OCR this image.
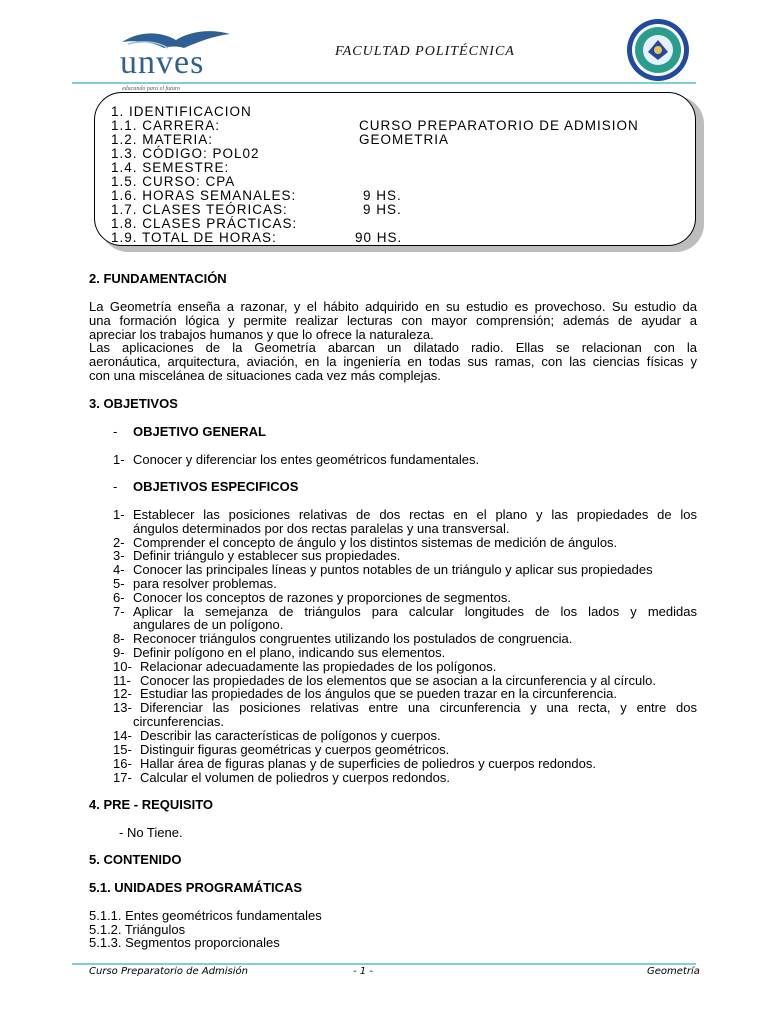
unves
educando para el futuro
FACULTAD POLITÉCNICA
1. IDENTIFICACION
1.1. CARRERA:	CURSO PREPARATORIO DE ADMISION
1.2. MATERIA:	GEOMETRIA
1.3. CÓDIGO: POL02
1.4. SEMESTRE:
1.5. CURSO: CPA
1.6. HORAS SEMANALES:	9 HS.
1.7. CLASES TEÓRICAS:	9 HS.
1.8. CLASES PRÁCTICAS:
1.9. TOTAL DE HORAS:	90 HS.
2. FUNDAMENTACIÓN
La Geometría enseña a razonar, y el hábito adquirido en su estudio es provechoso. Su estudio da
una formación lógica y permite realizar lecturas con mayor comprensión; además de ayudar a
apreciar los trabajos humanos y que lo ofrece la naturaleza.
Las aplicaciones de la Geometría abarcan un dilatado radio. Ellas se relacionan con la
aeronáutica, arquitectura, aviación, en la ingeniería en todas sus ramas, con las ciencias físicas y
con una miscelánea de situaciones cada vez más complejas.
3. OBJETIVOS
- OBJETIVO GENERAL
1- Conocer y diferenciar los entes geométricos fundamentales.
- OBJETIVOS ESPECIFICOS
1- Establecer las posiciones relativas de dos rectas en el plano y las propiedades de los
ángulos determinados por dos rectas paralelas y una transversal.
2- Comprender el concepto de ángulo y los distintos sistemas de medición de ángulos.
3- Definir triángulo y establecer sus propiedades.
4- Conocer las principales líneas y puntos notables de un triángulo y aplicar sus propiedades
5- para resolver problemas.
6- Conocer los conceptos de razones y proporciones de segmentos.
7- Aplicar la semejanza de triángulos para calcular longitudes de los lados y medidas
angulares de un polígono.
8- Reconocer triángulos congruentes utilizando los postulados de congruencia.
9- Definir polígono en el plano, indicando sus elementos.
10- Relacionar adecuadamente las propiedades de los polígonos.
11- Conocer las propiedades de los elementos que se asocian a la circunferencia y al círculo.
12- Estudiar las propiedades de los ángulos que se pueden trazar en la circunferencia.
13- Diferenciar las posiciones relativas entre una circunferencia y una recta, y entre dos
circunferencias.
14- Describir las características de polígonos y cuerpos.
15- Distinguir figuras geométricas y cuerpos geométricos.
16- Hallar área de figuras planas y de superficies de poliedros y cuerpos redondos.
17- Calcular el volumen de poliedros y cuerpos redondos.
4. PRE - REQUISITO
- No Tiene.
5. CONTENIDO
5.1. UNIDADES PROGRAMÁTICAS
5.1.1. Entes geométricos fundamentales
5.1.2. Triángulos
5.1.3. Segmentos proporcionales
Curso Preparatorio de Admisión	- 1 -	Geometría
